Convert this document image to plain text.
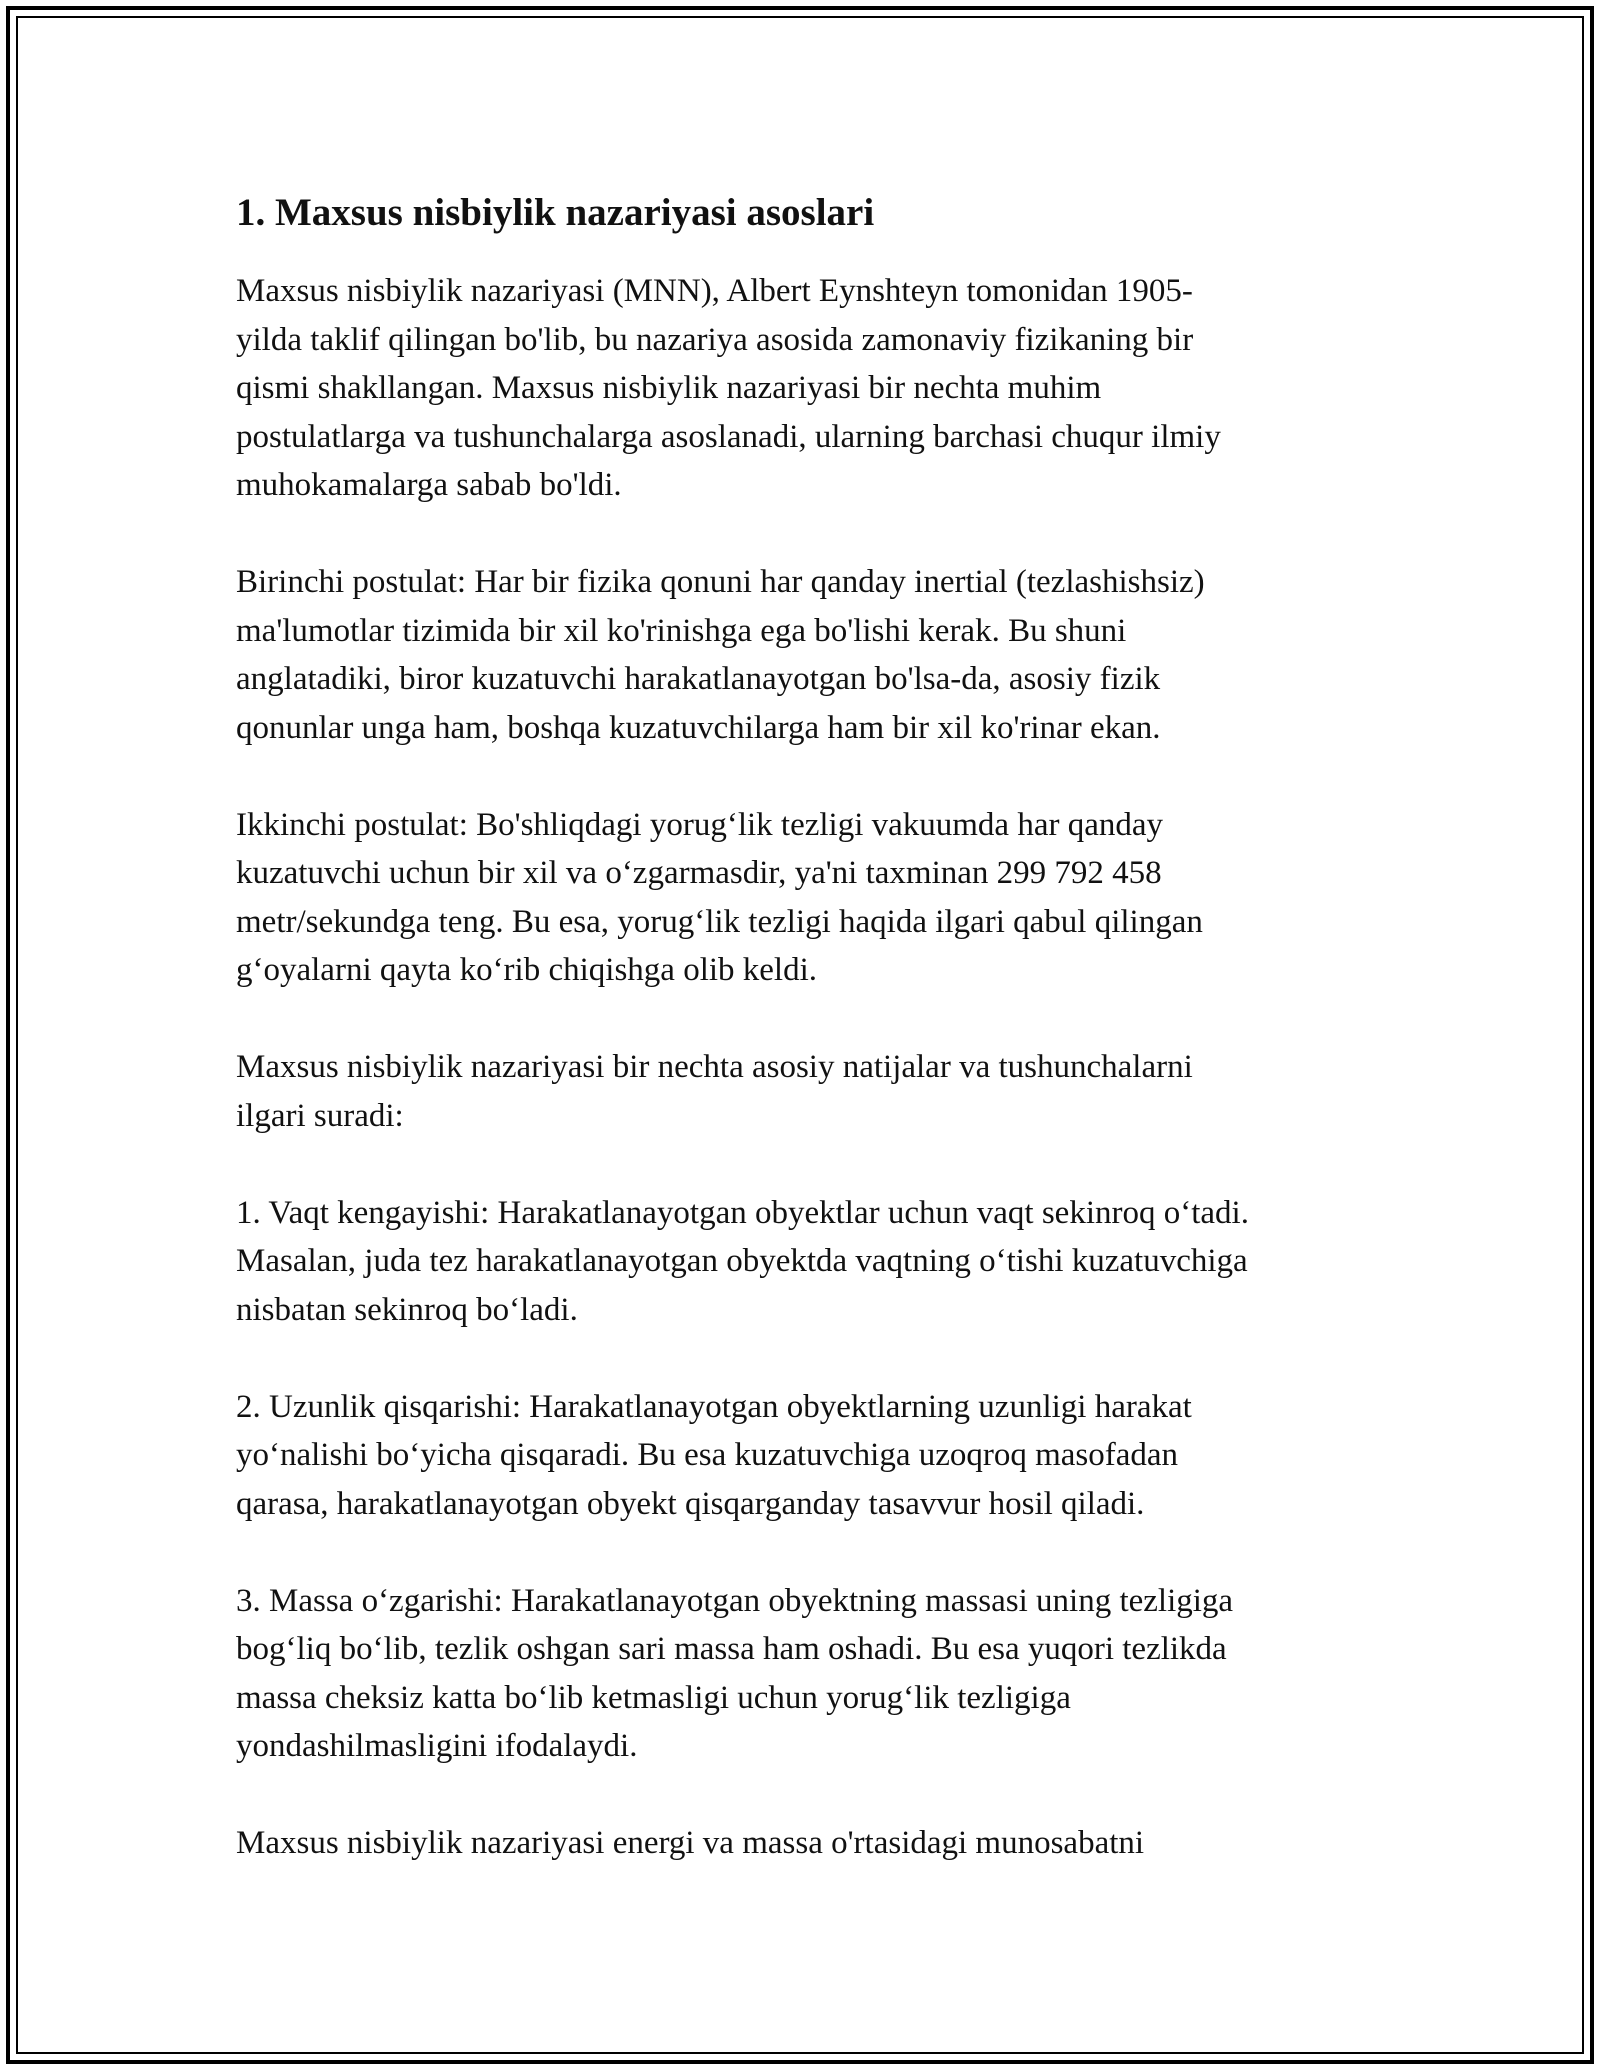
1. Maxsus nisbiylik nazariyasi asoslari

Maxsus nisbiylik nazariyasi (MNN), Albert Eynshteyn tomonidan 1905-
yilda taklif qilingan bo'lib, bu nazariya asosida zamonaviy fizikaning bir
qismi shakllangan. Maxsus nisbiylik nazariyasi bir nechta muhim
postulatlarga va tushunchalarga asoslanadi, ularning barchasi chuqur ilmiy
muhokamalarga sabab bo'ldi.

Birinchi postulat: Har bir fizika qonuni har qanday inertial (tezlashishsiz)
ma'lumotlar tizimida bir xil ko'rinishga ega bo'lishi kerak. Bu shuni
anglatadiki, biror kuzatuvchi harakatlanayotgan bo'lsa-da, asosiy fizik
qonunlar unga ham, boshqa kuzatuvchilarga ham bir xil ko'rinar ekan.

Ikkinchi postulat: Bo'shliqdagi yorug‘lik tezligi vakuumda har qanday
kuzatuvchi uchun bir xil va o‘zgarmasdir, ya'ni taxminan 299 792 458
metr/sekundga teng. Bu esa, yorug‘lik tezligi haqida ilgari qabul qilingan
g‘oyalarni qayta ko‘rib chiqishga olib keldi.

Maxsus nisbiylik nazariyasi bir nechta asosiy natijalar va tushunchalarni
ilgari suradi:

1. Vaqt kengayishi: Harakatlanayotgan obyektlar uchun vaqt sekinroq o‘tadi.
Masalan, juda tez harakatlanayotgan obyektda vaqtning o‘tishi kuzatuvchiga
nisbatan sekinroq bo‘ladi.

2. Uzunlik qisqarishi: Harakatlanayotgan obyektlarning uzunligi harakat
yo‘nalishi bo‘yicha qisqaradi. Bu esa kuzatuvchiga uzoqroq masofadan
qarasa, harakatlanayotgan obyekt qisqarganday tasavvur hosil qiladi.

3. Massa o‘zgarishi: Harakatlanayotgan obyektning massasi uning tezligiga
bog‘liq bo‘lib, tezlik oshgan sari massa ham oshadi. Bu esa yuqori tezlikda
massa cheksiz katta bo‘lib ketmasligi uchun yorug‘lik tezligiga
yondashilmasligini ifodalaydi.

Maxsus nisbiylik nazariyasi energi va massa o'rtasidagi munosabatni
